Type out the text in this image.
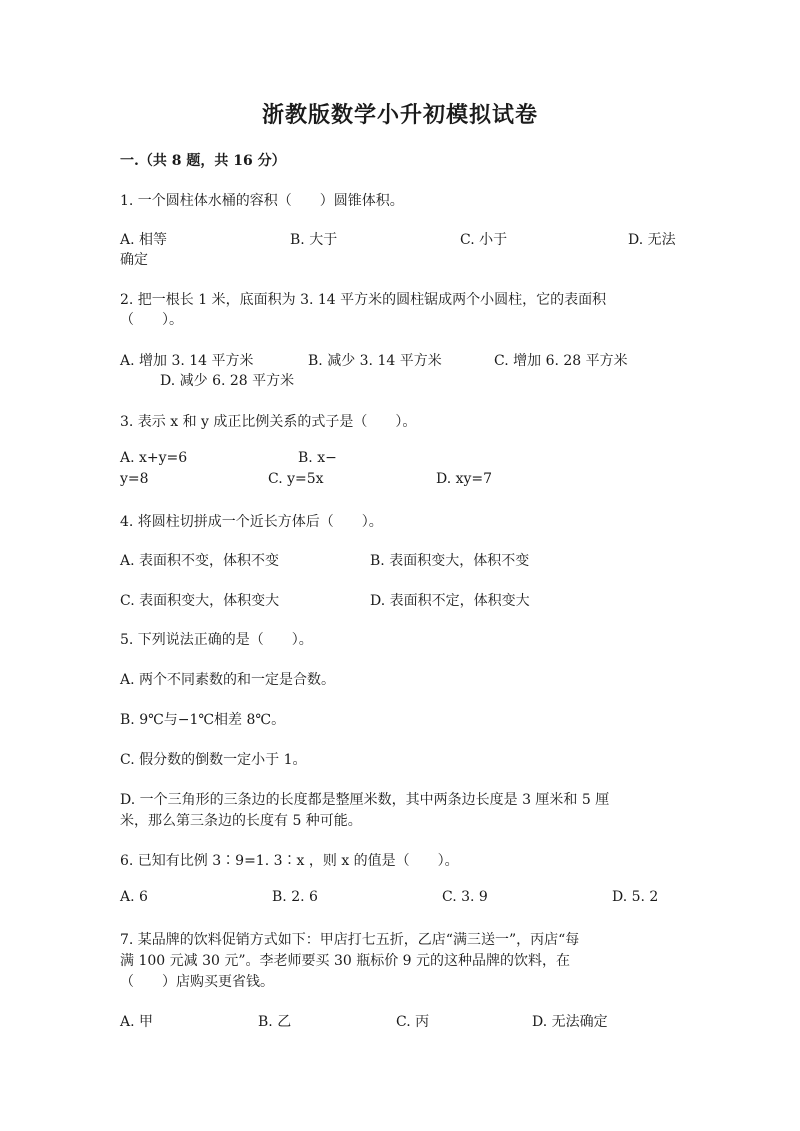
浙教版数学小升初模拟试卷
一.（共 8 题，共 16 分）
1. 一个圆柱体水桶的容积（　　）圆锥体积。
A. 相等	B. 大于	C. 小于	D. 无法
确定
2. 把一根长 1 米，底面积为 3. 14 平方米的圆柱锯成两个小圆柱，它的表面积
（　　）。
A. 增加 3. 14 平方米	B. 减少 3. 14 平方米	C. 增加 6. 28 平方米
D. 减少 6. 28 平方米
3. 表示 x 和 y 成正比例关系的式子是（　　）。
A. x+y=6	B. x−
y=8	C. y=5x	D. xy=7
4. 将圆柱切拼成一个近长方体后（　　）。
A. 表面积不变，体积不变	B. 表面积变大，体积不变
C. 表面积变大，体积变大	D. 表面积不定，体积变大
5. 下列说法正确的是（　　）。
A. 两个不同素数的和一定是合数。
B. 9℃与−1℃相差 8℃。
C. 假分数的倒数一定小于 1。
D. 一个三角形的三条边的长度都是整厘米数，其中两条边长度是 3 厘米和 5 厘
米，那么第三条边的长度有 5 种可能。
6. 已知有比例 3∶9=1. 3∶x ，则 x 的值是（　　）。
A. 6	B. 2. 6	C. 3. 9	D. 5. 2
7. 某品牌的饮料促销方式如下：甲店打七五折，乙店“满三送一”，丙店“每
满 100 元减 30 元”。李老师要买 30 瓶标价 9 元的这种品牌的饮料，在
（　　）店购买更省钱。
A. 甲	B. 乙	C. 丙	D. 无法确定
